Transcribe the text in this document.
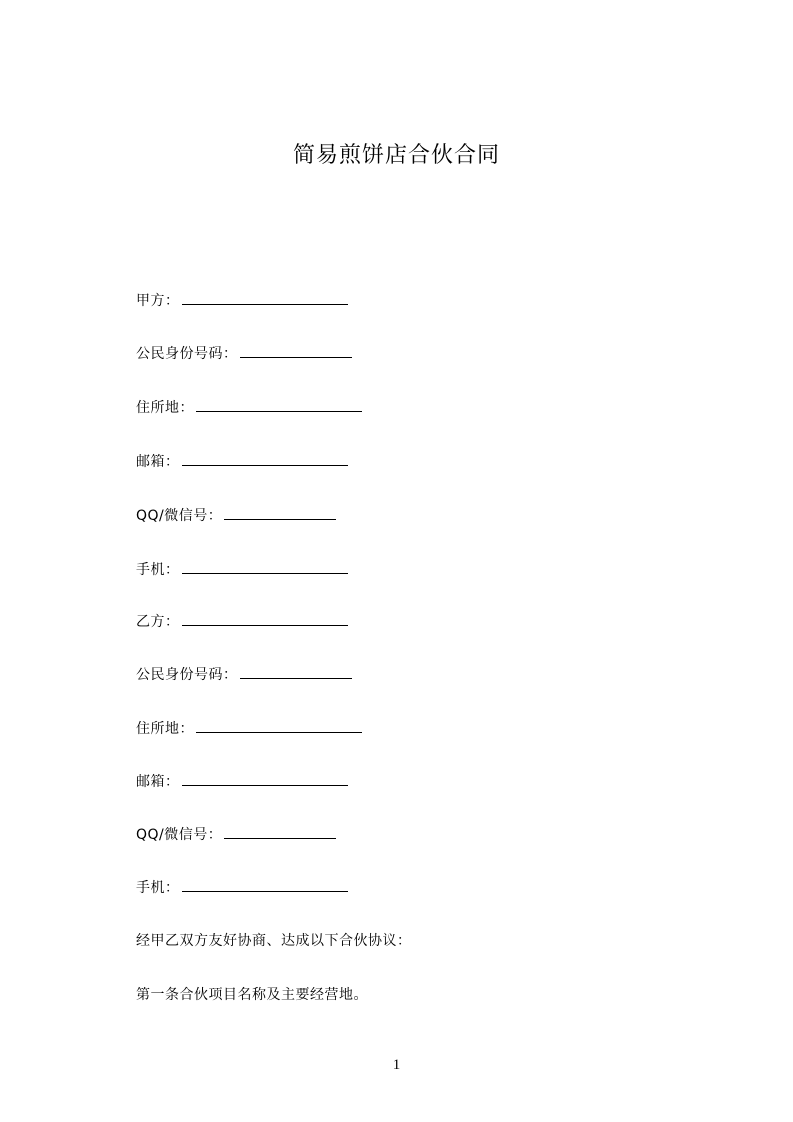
简易煎饼店合伙合同
甲方：
公民身份号码：
住所地：
邮箱：
QQ/微信号：
手机：
乙方：
公民身份号码：
住所地：
邮箱：
QQ/微信号：
手机：
经甲乙双方友好协商、达成以下合伙协议：
第一条合伙项目名称及主要经营地。
1
